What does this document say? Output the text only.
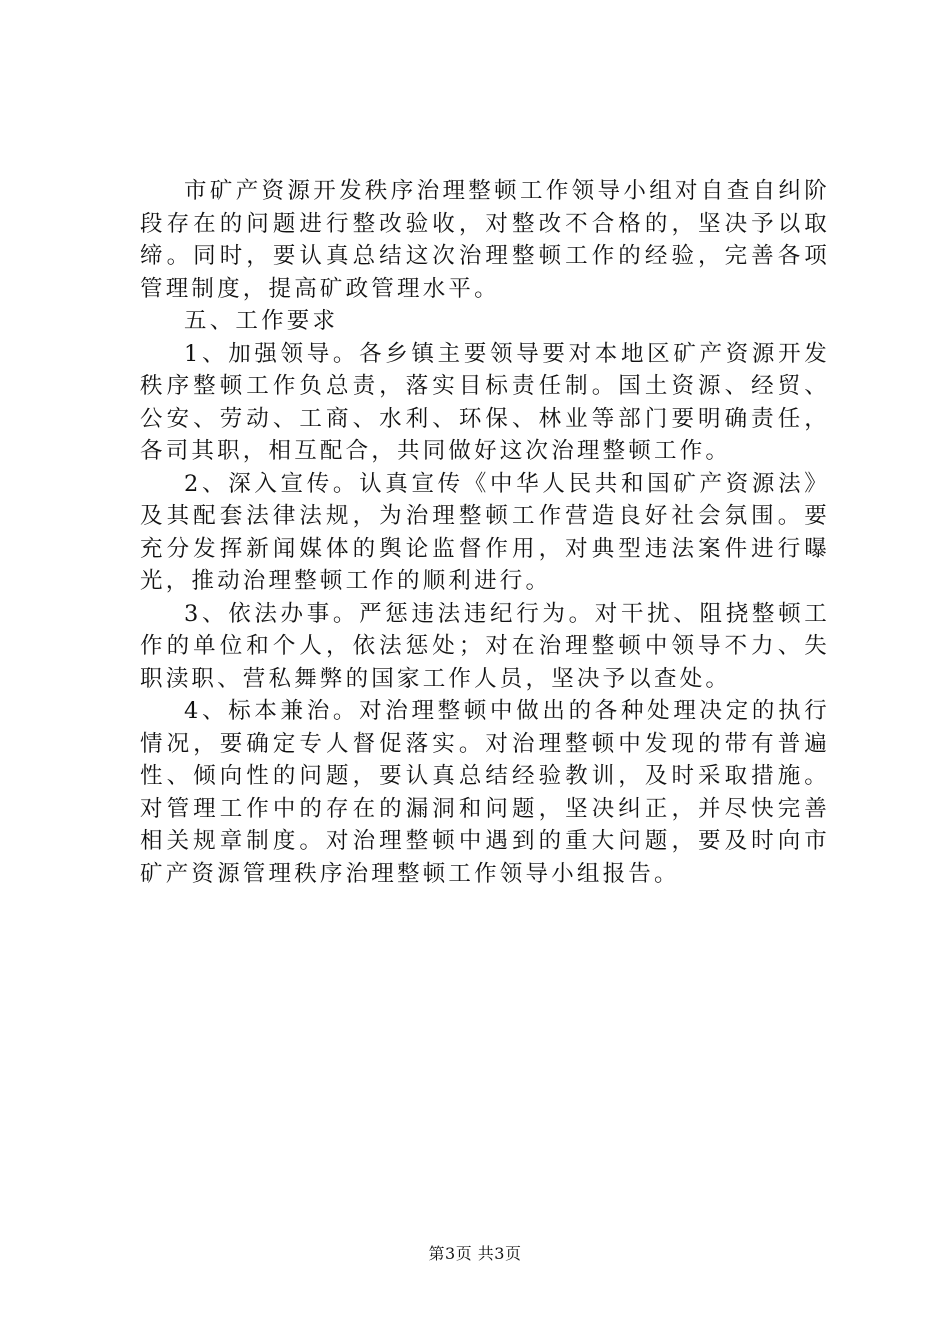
市矿产资源开发秩序治理整顿工作领导小组对自查自纠阶段存在的问题进行整改验收，对整改不合格的，坚决予以取缔。同时，要认真总结这次治理整顿工作的经验，完善各项管理制度，提高矿政管理水平。

五、工作要求

1、加强领导。各乡镇主要领导要对本地区矿产资源开发秩序整顿工作负总责，落实目标责任制。国土资源、经贸、公安、劳动、工商、水利、环保、林业等部门要明确责任，各司其职，相互配合，共同做好这次治理整顿工作。

2、深入宣传。认真宣传《中华人民共和国矿产资源法》及其配套法律法规，为治理整顿工作营造良好社会氛围。要充分发挥新闻媒体的舆论监督作用，对典型违法案件进行曝光，推动治理整顿工作的顺利进行。

3、依法办事。严惩违法违纪行为。对干扰、阻挠整顿工作的单位和个人，依法惩处；对在治理整顿中领导不力、失职渎职、营私舞弊的国家工作人员，坚决予以查处。

4、标本兼治。对治理整顿中做出的各种处理决定的执行情况，要确定专人督促落实。对治理整顿中发现的带有普遍性、倾向性的问题，要认真总结经验教训，及时采取措施。对管理工作中的存在的漏洞和问题，坚决纠正，并尽快完善相关规章制度。对治理整顿中遇到的重大问题，要及时向市矿产资源管理秩序治理整顿工作领导小组报告。

第3页 共3页
